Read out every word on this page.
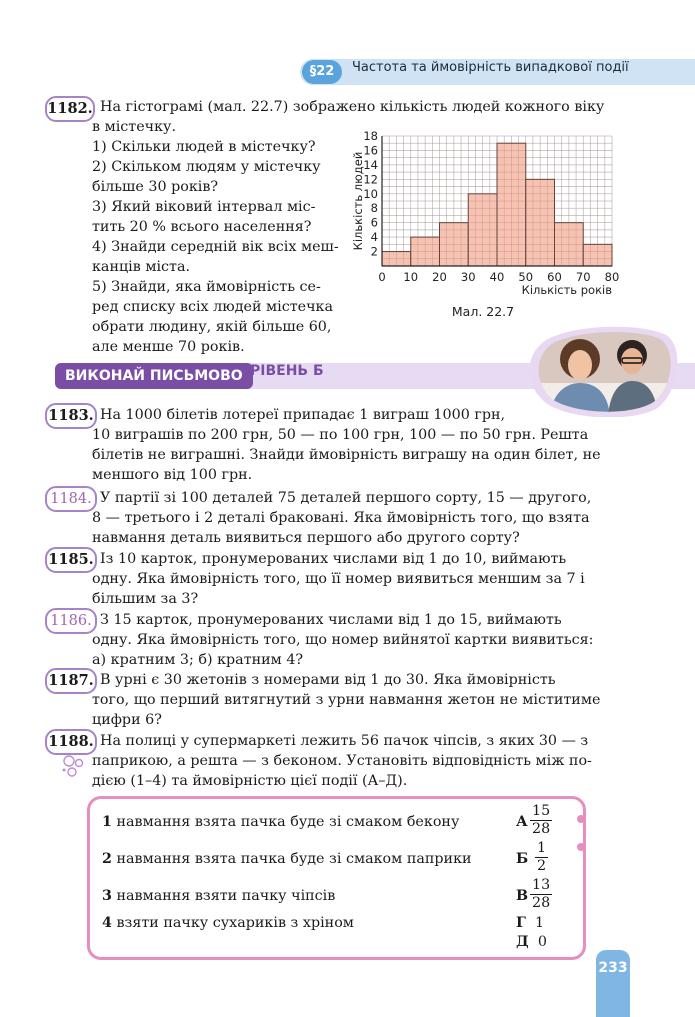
§22	Частота та ймовірність випадкової події
1182. На гістограмі (мал. 22.7) зображено кількість людей кожного віку
в містечку.
1) Скільки людей в містечку?
2) Скільком людям у містечку
більше 30 років?
3) Який віковий інтервал міс-
тить 20 % всього населення?
4) Знайди середній вік всіх меш-
канців міста.
5) Знайди, яка ймовірність се-
ред списку всіх людей містечка
обрати людину, якій більше 60,
але менше 70 років.
2
4
6
8
10
12
14
16
18
0 10 20 30 40 50 60 70 80
Кількість років
Кількість людей
Мал. 22.7
ВИКОНАЙ ПИСЬМОВО РІВЕНЬ Б
1183. На 1000 білетів лотереї припадає 1 виграш 1000 грн,
10 виграшів по 200 грн, 50 — по 100 грн, 100 — по 50 грн. Решта
білетів не виграшні. Знайди ймовірність виграшу на один білет, не
меншого від 100 грн.
1184. У партії зі 100 деталей 75 деталей першого сорту, 15 — другого,
8 — третього і 2 деталі браковані. Яка ймовірність того, що взята
навмання деталь виявиться першого або другого сорту?
1185. Із 10 карток, пронумерованих числами від 1 до 10, виймають
одну. Яка ймовірність того, що її номер виявиться меншим за 7 і
більшим за 3?
1186. З 15 карток, пронумерованих числами від 1 до 15, виймають
одну. Яка ймовірність того, що номер вийнятої картки виявиться:
а) кратним 3; б) кратним 4?
1187. В урні є 30 жетонів з номерами від 1 до 30. Яка ймовірність
того, що перший витягнутий з урни навмання жетон не міститиме
цифри 6?
1188. На полиці у супермаркеті лежить 56 пачок чіпсів, з яких 30 — з
паприкою, а решта — з беконом. Установіть відповідність між по-
дією (1–4) та ймовірністю цієї події (А–Д).
1 навмання взята пачка буде зі смаком бекону
2 навмання взята пачка буде зі смаком паприки
3 навмання взяти пачку чіпсів
4 взяти пачку сухариків з хріном
А $\frac{15}{28}$
Б $\frac{1}{2}$
В $\frac{13}{28}$
Г 1
Д 0
233
